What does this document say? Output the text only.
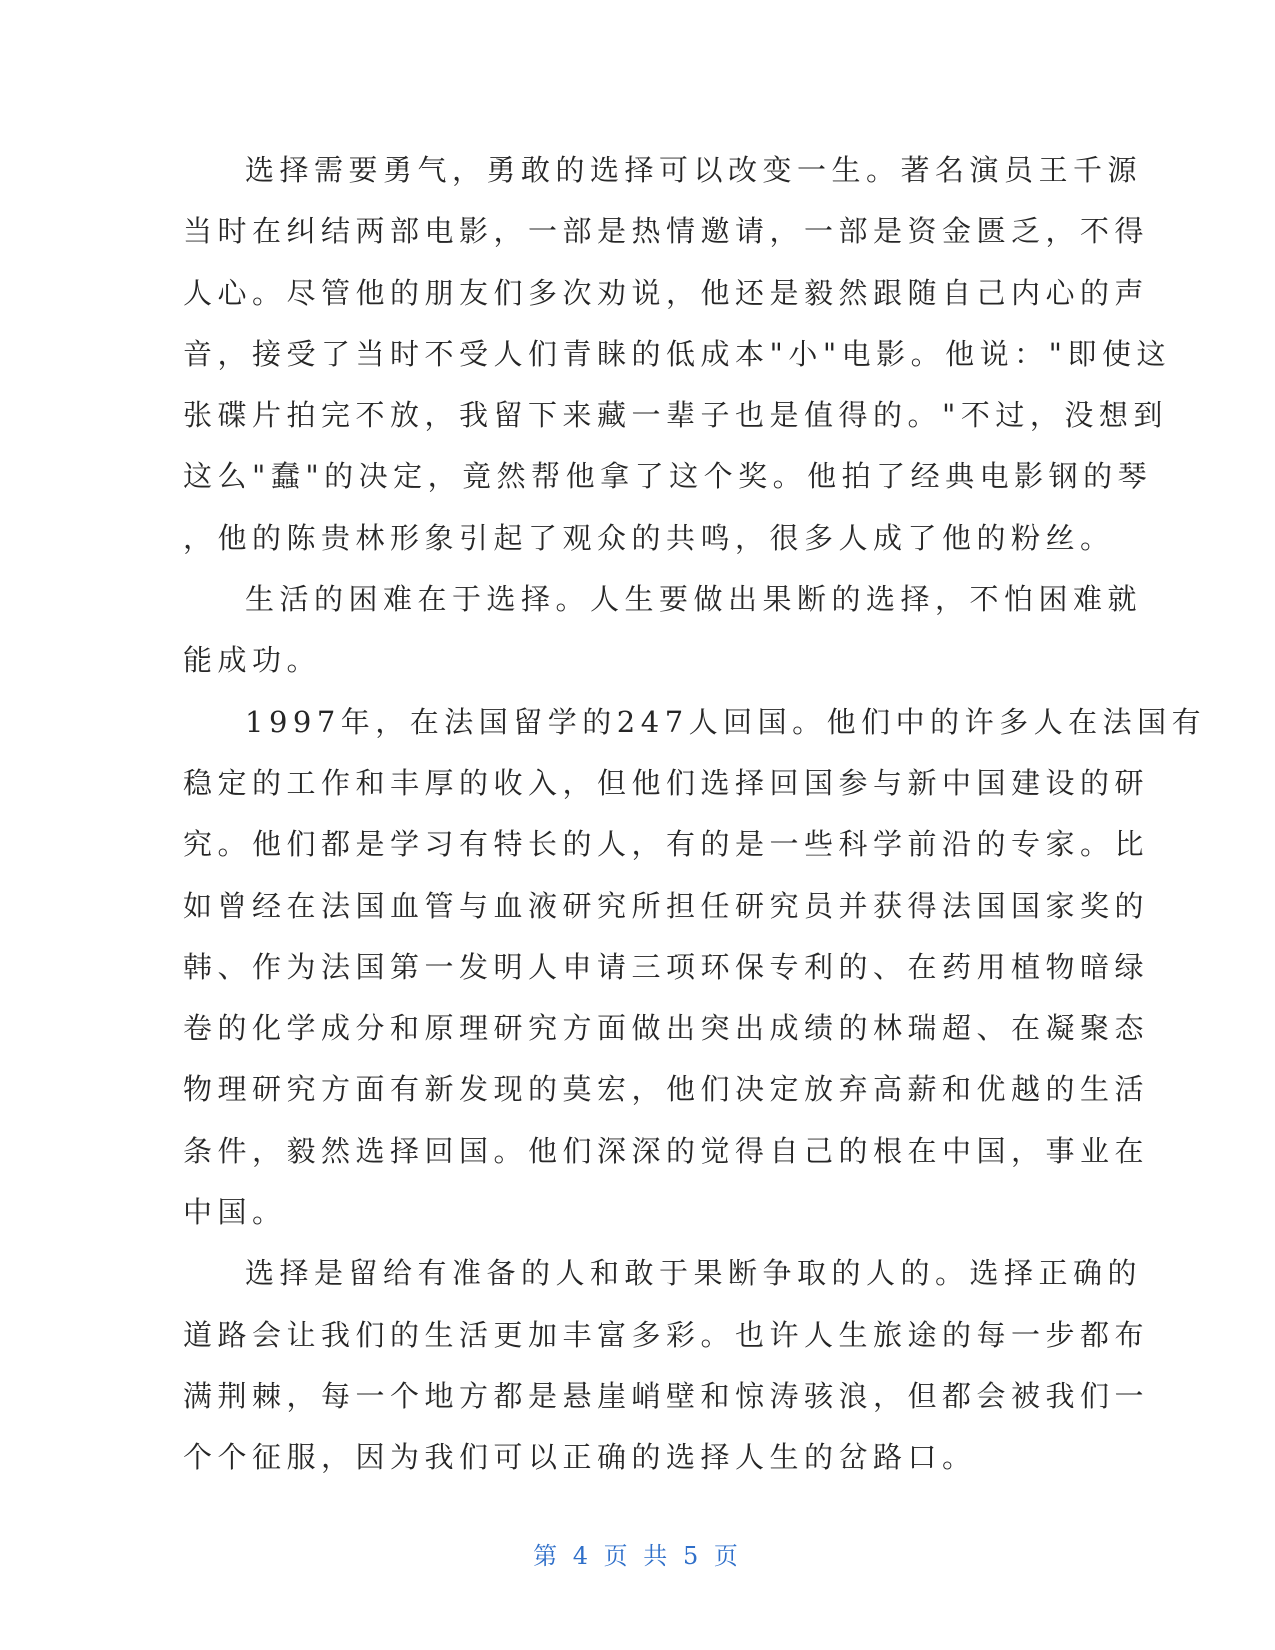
选择需要勇气，勇敢的选择可以改变一生。著名演员王千源
当时在纠结两部电影，一部是热情邀请，一部是资金匮乏，不得
人心。尽管他的朋友们多次劝说，他还是毅然跟随自己内心的声
音，接受了当时不受人们青睐的低成本"小"电影。他说："即使这
张碟片拍完不放，我留下来藏一辈子也是值得的。"不过，没想到
这么"蠢"的决定，竟然帮他拿了这个奖。他拍了经典电影钢的琴
，他的陈贵林形象引起了观众的共鸣，很多人成了他的粉丝。
生活的困难在于选择。人生要做出果断的选择，不怕困难就
能成功。
1997年，在法国留学的247人回国。他们中的许多人在法国有
稳定的工作和丰厚的收入，但他们选择回国参与新中国建设的研
究。他们都是学习有特长的人，有的是一些科学前沿的专家。比
如曾经在法国血管与血液研究所担任研究员并获得法国国家奖的
韩、作为法国第一发明人申请三项环保专利的、在药用植物暗绿
卷的化学成分和原理研究方面做出突出成绩的林瑞超、在凝聚态
物理研究方面有新发现的莫宏，他们决定放弃高薪和优越的生活
条件，毅然选择回国。他们深深的觉得自己的根在中国，事业在
中国。
选择是留给有准备的人和敢于果断争取的人的。选择正确的
道路会让我们的生活更加丰富多彩。也许人生旅途的每一步都布
满荆棘，每一个地方都是悬崖峭壁和惊涛骇浪，但都会被我们一
个个征服，因为我们可以正确的选择人生的岔路口。
第 4 页 共 5 页
